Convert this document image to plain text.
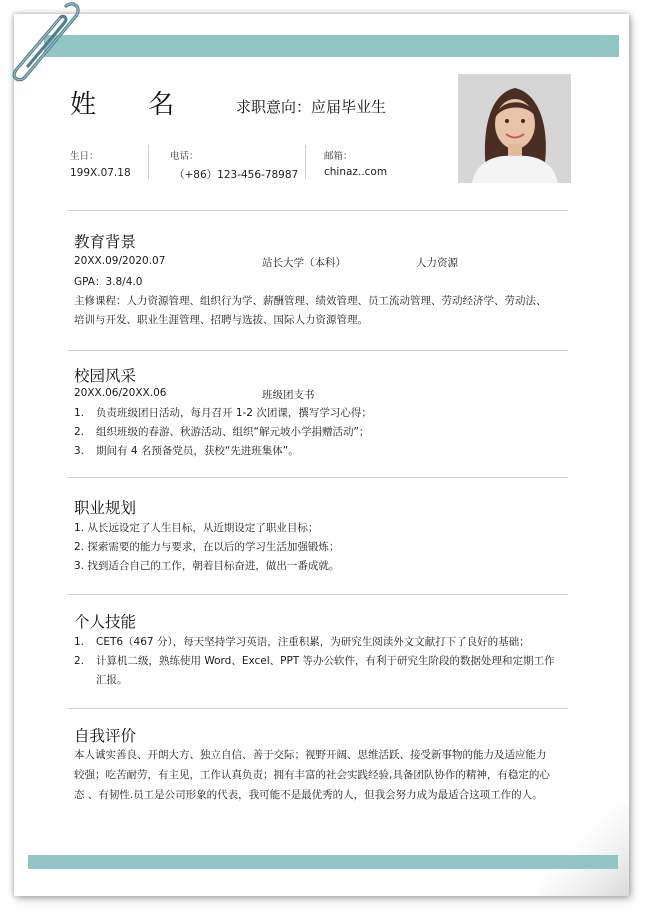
姓 名	求职意向：应届毕业生
生日：
199X.07.18
电话：
（+86）123-456-78987
邮箱：
chinaz..com
教育背景
20XX.09/2020.07	站长大学（本科）	人力资源
GPA：3.8/4.0
主修课程：人力资源管理、组织行为学、薪酬管理、绩效管理、员工流动管理、劳动经济学、劳动法、
培训与开发、职业生涯管理、招聘与选拔、国际人力资源管理。
校园风采
20XX.06/20XX.06	班级团支书
1. 负责班级团日活动，每月召开 1-2 次团课，撰写学习心得；
2. 组织班级的春游、秋游活动、组织“解元坡小学捐赠活动”；
3. 期间有 4 名预备党员，获校“先进班集体”。
职业规划
1. 从长远设定了人生目标，从近期设定了职业目标；
2. 探索需要的能力与要求，在以后的学习生活加强锻炼；
3. 找到适合自己的工作，朝着目标奋进，做出一番成就。
个人技能
1. CET6（467 分），每天坚持学习英语，注重积累，为研究生阅读外文文献打下了良好的基础；
2. 计算机二级，熟练使用 Word、Excel、PPT 等办公软件，有利于研究生阶段的数据处理和定期工作
汇报。
自我评价
本人诚实善良、开朗大方、独立自信、善于交际；视野开阔、思维活跃、接受新事物的能力及适应能力
较强；吃苦耐劳，有主见，工作认真负责；拥有丰富的社会实践经验,具备团队协作的精神，有稳定的心
态 、有韧性.员工是公司形象的代表，我可能不是最优秀的人，但我会努力成为最适合这项工作的人。
